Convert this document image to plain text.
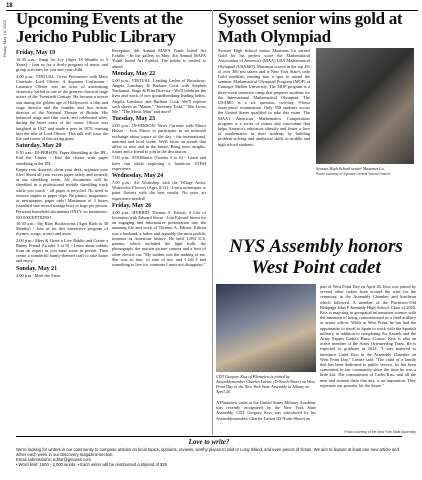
18
Friday, May 19, 2023
Upcoming Events at the Jericho Public Library
Syosset senior wins gold at Math Olympiad
Friday, May 19

10:30 a.m.: Jump for Joy (Ages 18 Months to 5 Years) - Join us for a lively program of music and group activities for you and your child.

2:00 p.m.: VIRTUAL: Great Performers with Mary Courtade: Lord Olivier: A Supreme Craftsman - Laurence Olivier was an actor of astonishing virtuosity, hailed as one of the greatest classical stage actors of the Twentieth Century. He became a movie star during the golden age of Hollywood, a film and stage director and the founder and first artistic director of the National Theatre of Britain. His balanced stage and film work, and celebrated roles, during the latter years of his career. Olivier was knighted in 1947 and made a peer in 1970, earning him the title of Lord Olivier. This talk will trace the life and career of this acting giant.

Saturday, May 20

9:30 a.m.: IN-PERSON: Paper Shredding at the JPL: End the Clutter - End the clutter with paper shredding at the JPL.

Empty your drawers, clean your desk, organize your files! Shred all your excess paper safely and securely at our shredding event. All documents will be shredded in a professional mobile shredding truck while you watch - all paper is recycled. No need to remove staples or paper clips. No plastic, magazines, or newspapers, paper only! Maximum of 3 boxes (standard size record storage box) or bags per person.

Personal household documents ONLY, no businesses. NO EXCEPTIONS!

10:30 a.m.: Itty Bitty Bookworms (Ages Birth to 30 Months) - Join us for this interactive program of rhymes, songs, stories and more.

2:00 p.m.: Meet & Greet a Live Rabbit and Create a Bunny Friend (Grades 3 to 8) - Learn about rabbits from an expert as you meet some in person. Then create a wonderful bunny-themed craft to take home and enjoy.

Sunday, May 21

2:00 p.m.: Meet the Artist

Reception: 4th Annual MAFA Youth Juried Art Exhibit - In the gallery in May: 4th Annual MAFA Youth Juried Art Exhibit. The public is invited to attend.

Monday, May 22

2:00 p.m.: VIRTUAL: Leading Ladies of Broadway: Angela Lansbury & Barbara Cook with Stephen Nachamie, Stage & Film Director - We'll celebrate the lives and work of two groundbreaking leading ladies, Angela Lansbury and Barbara Cook. We'll explore such shows as "Mame," "Sweeney Todd," "She Loves Me," "The Music Man" and more!

Tuesday, May 23

2:00 p.m.: IN-PERSON: News Currents with Elinor Heiser - Join Elinor to participate in an informal exchange about topics of the day - the international, national and local scene. We'll focus on trends that affect us now and in the future. Bring your insights, issues and a friend to join in the discussion.

7:00 p.m.: STEMtastic (Grades 3 to 6) - Learn and have fun while exploring a hands-on STEM experience.

Wednesday, May 24

7:00 p.m.: Art Workshop with the Village Artist: Watercolor Flowers (Ages 8-12) - Learn techniques to paint flowers with the best results. No prior art experience needed!

Friday, May 26

2:00 p.m.: HYBRID: Thomas A. Edison: A Life of Invention with Edward Sierra - Join Edward Sierra for an engaging and informative presentation into the amazing life and work of Thomas A. Edison. Edison was a husband, a father and arguably the most prolific inventor in American history. He held 1,093 U.S. patents, which included the light bulb, the phonograph, the motion picture camera and a host of other electric car. "My mother was the making of me. She was so true, so sure of me; and I felt I had something to live for, someone I must not disappoint."

Syosset High School senior Maximus Lu earned Gold for his perfect score the Mathematical Association of America's (MAA) USA Mathematical Olympiad (USAMO). Maximus scored in the top 4% of over 300 test takers and is New York State's only Gold medalist, earning him a spot to attend the summer Mathematical Olympiad Program (MOP) at Carnegie Mellon University. The MOP program is a three-week intensive camp that prepares students for the International Mathematical Olympiad. The USAMO is a six question, two-day, 9-hour essay/proof examination. Only 558 students across the United States qualified to take this exam. The MAA's American Mathematics Competitions program is a series of exams and curriculum that helps America's educators identify and foster a love of mathematics in their students by building problem-solving and analytical skills in middle and high school students.
Syosset High School senior Maximus Lu.
Photo courtesy of Syosset Central School District
NYS Assembly honors West Point cadet
CDT Gregory Kiss of Plainview is joined by Assemblymember Charles Lavine (D-North Shore) on West Point Day in the New York State Assembly in Albany on April 26.
A Plainview cadet at the United States Military Academy was recently recognized by the New York State Assembly. CDT Gregory Kiss was introduced by his Assemblymember, Charles Lavine (D-North Shore) as
part of West Point Day on April 26. Kiss was joined by several other cadets from around the state for the ceremony in the Assembly Chamber and luncheon which followed. A member of the Plainview-Old Bethpage John F Kennedy High School, Class of 2020, Kiss is majoring in geospatial information science with the intention of being commissioned as a field artillery or armor officer. While at West Point, he has had the opportunity to travel to Spain to work with the Spanish military, in addition to completing Air Assault and the Army Sapper Cadet's Basic Course. Kiss is also an active member of the Army Orienteering Team. He is expected to graduate in 2024. "I was honored to introduce Cadet Kiss in the Assembly Chamber on West Point Day," Lavine said. "The child of a family that has been dedicated to public service, he has been committed to our community since the time he was a little kid. The commitment of Cadet Kiss, and all the men and women there that day, is an inspiration. They represent our promise for the future."
Photo courtesy of the New York State Assembly
Love to write?
We're looking for writers in our community to compose articles on local topics, opinions, reviews, worthy places to visit or Long Island, and even pieces of fiction. We aim to feature at least one new article and writer each week in our Discovery magazine section.
Email submissions: editor@gnewss.com
• Word limit: 1500 - 3,000 words. • Each writer will be reimbursed a stipend of $25
